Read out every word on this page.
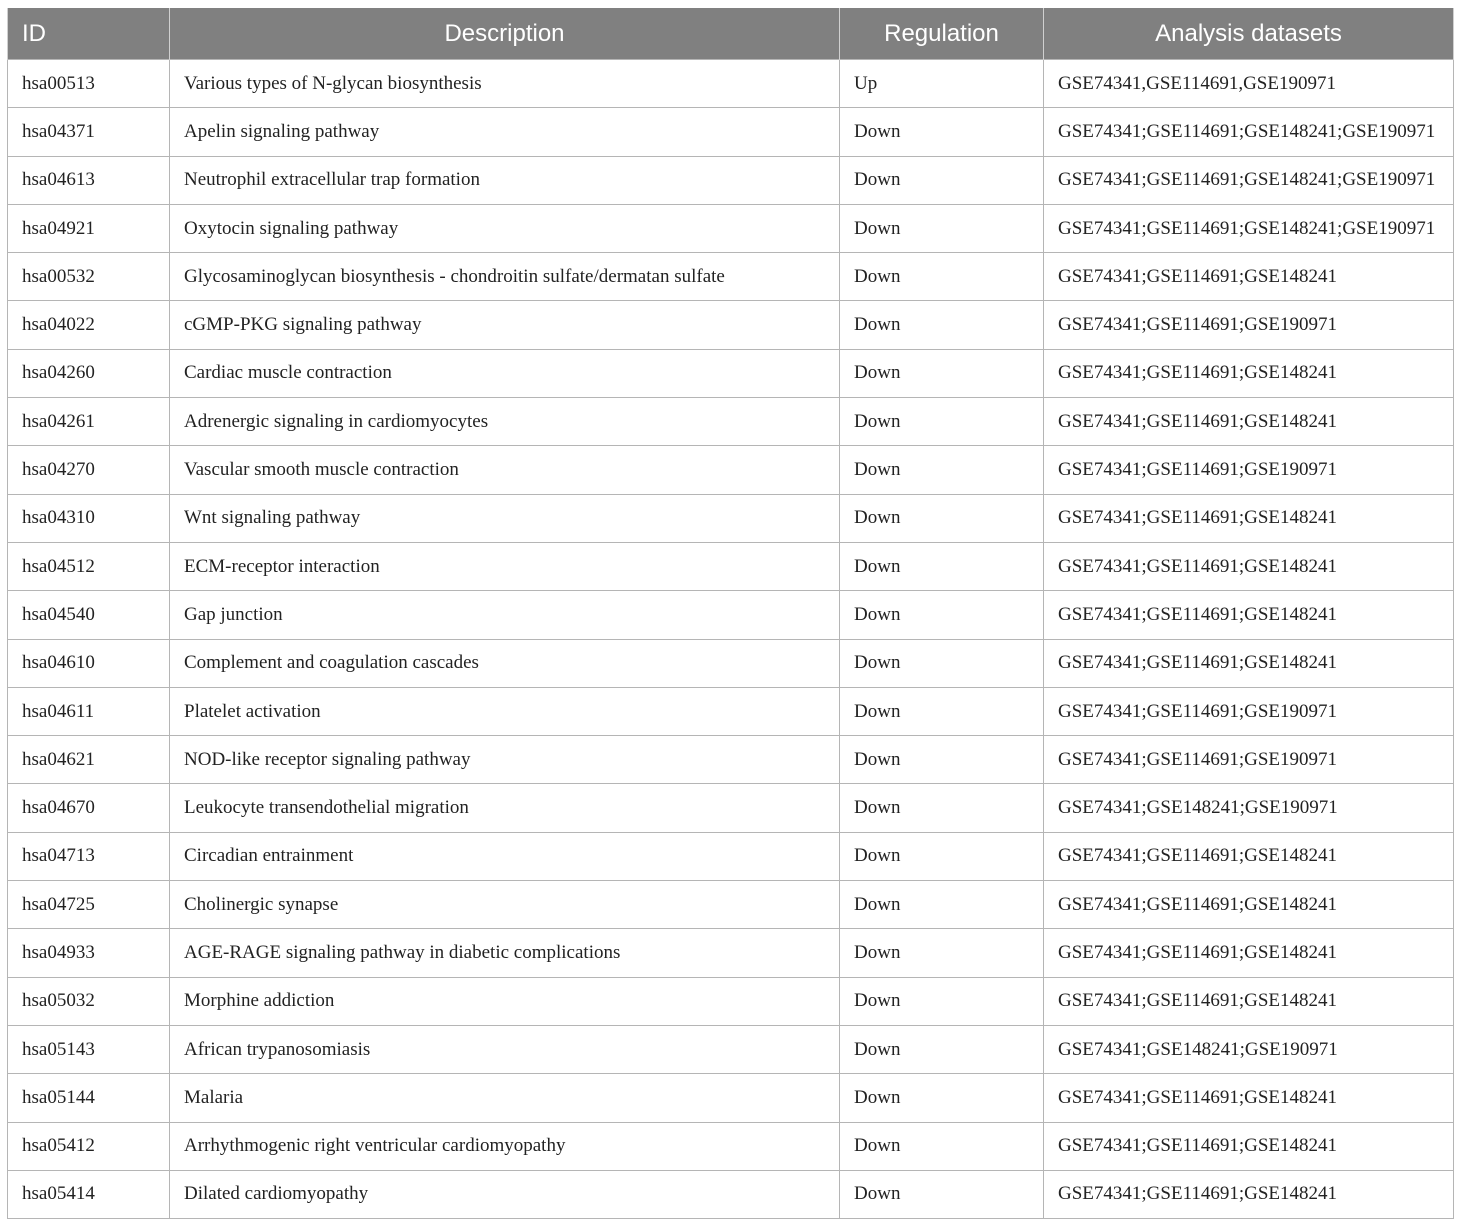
ID	Description	Regulation	Analysis datasets
hsa00513	Various types of N-glycan biosynthesis	Up	GSE74341,GSE114691,GSE190971
hsa04371	Apelin signaling pathway	Down	GSE74341;GSE114691;GSE148241;GSE190971
hsa04613	Neutrophil extracellular trap formation	Down	GSE74341;GSE114691;GSE148241;GSE190971
hsa04921	Oxytocin signaling pathway	Down	GSE74341;GSE114691;GSE148241;GSE190971
hsa00532	Glycosaminoglycan biosynthesis - chondroitin sulfate/dermatan sulfate	Down	GSE74341;GSE114691;GSE148241
hsa04022	cGMP-PKG signaling pathway	Down	GSE74341;GSE114691;GSE190971
hsa04260	Cardiac muscle contraction	Down	GSE74341;GSE114691;GSE148241
hsa04261	Adrenergic signaling in cardiomyocytes	Down	GSE74341;GSE114691;GSE148241
hsa04270	Vascular smooth muscle contraction	Down	GSE74341;GSE114691;GSE190971
hsa04310	Wnt signaling pathway	Down	GSE74341;GSE114691;GSE148241
hsa04512	ECM-receptor interaction	Down	GSE74341;GSE114691;GSE148241
hsa04540	Gap junction	Down	GSE74341;GSE114691;GSE148241
hsa04610	Complement and coagulation cascades	Down	GSE74341;GSE114691;GSE148241
hsa04611	Platelet activation	Down	GSE74341;GSE114691;GSE190971
hsa04621	NOD-like receptor signaling pathway	Down	GSE74341;GSE114691;GSE190971
hsa04670	Leukocyte transendothelial migration	Down	GSE74341;GSE148241;GSE190971
hsa04713	Circadian entrainment	Down	GSE74341;GSE114691;GSE148241
hsa04725	Cholinergic synapse	Down	GSE74341;GSE114691;GSE148241
hsa04933	AGE-RAGE signaling pathway in diabetic complications	Down	GSE74341;GSE114691;GSE148241
hsa05032	Morphine addiction	Down	GSE74341;GSE114691;GSE148241
hsa05143	African trypanosomiasis	Down	GSE74341;GSE148241;GSE190971
hsa05144	Malaria	Down	GSE74341;GSE114691;GSE148241
hsa05412	Arrhythmogenic right ventricular cardiomyopathy	Down	GSE74341;GSE114691;GSE148241
hsa05414	Dilated cardiomyopathy	Down	GSE74341;GSE114691;GSE148241
